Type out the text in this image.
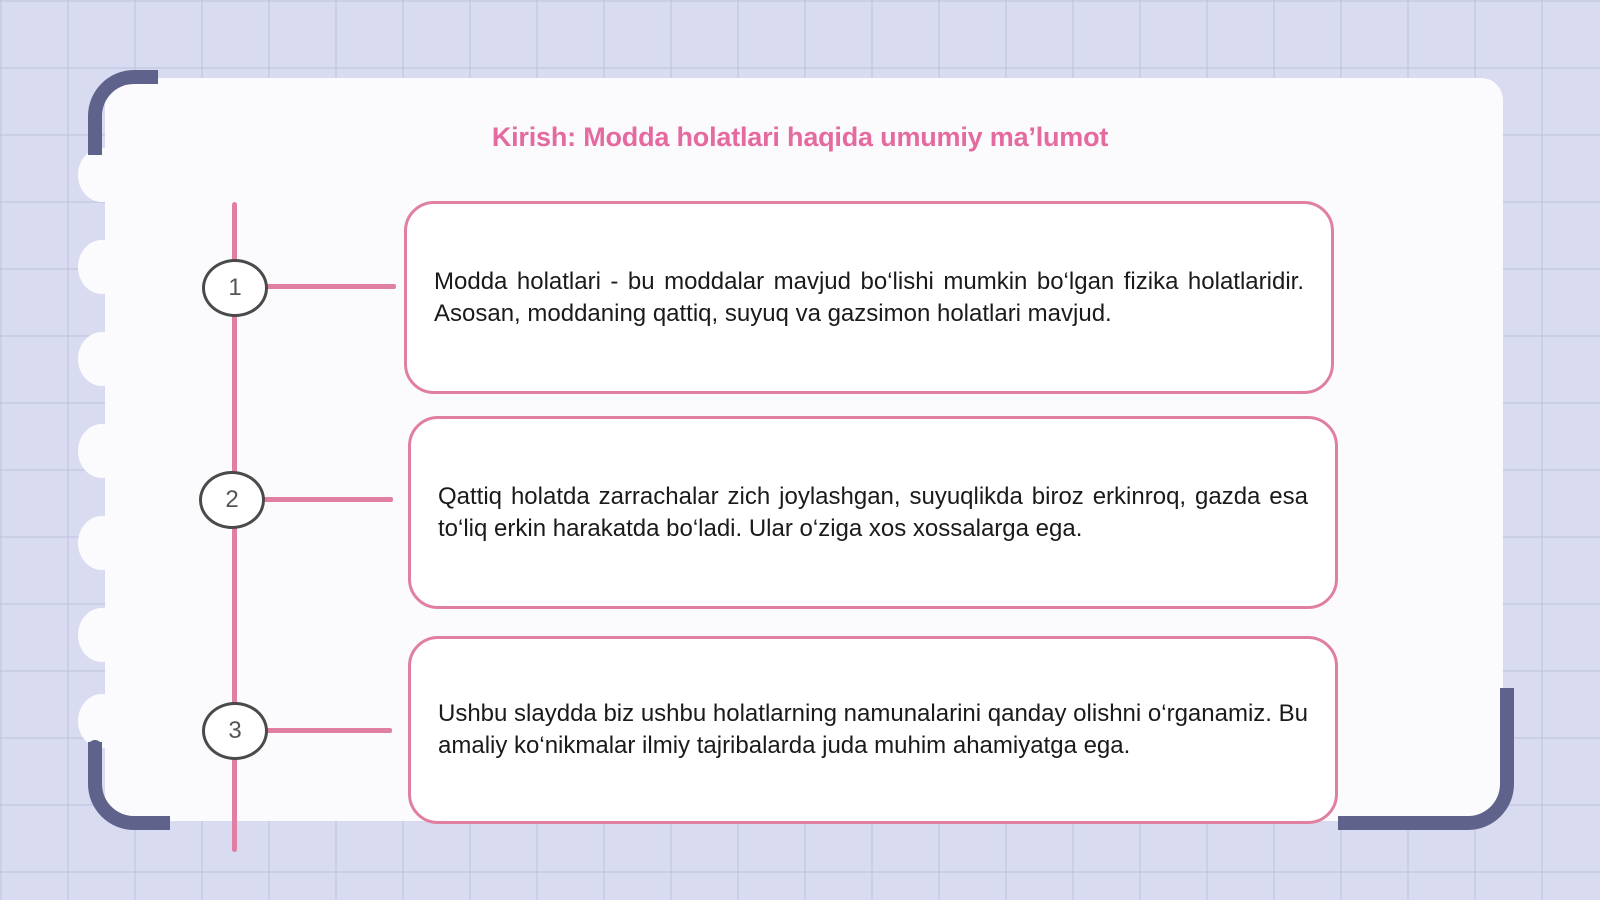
Kirish: Modda holatlari haqida umumiy ma’lumot
1
2
3

Modda holatlari - bu moddalar mavjud bo‘lishi mumkin bo‘lgan fizika holatlaridir. Asosan, moddaning qattiq, suyuq va gazsimon holatlari mavjud.

Qattiq holatda zarrachalar zich joylashgan, suyuqlikda biroz erkinroq, gazda esa to‘liq erkin harakatda bo‘ladi. Ular o‘ziga xos xossalarga ega.

Ushbu slaydda biz ushbu holatlarning namunalarini qanday olishni o‘rganamiz. Bu amaliy ko‘nikmalar ilmiy tajribalarda juda muhim ahamiyatga ega.
